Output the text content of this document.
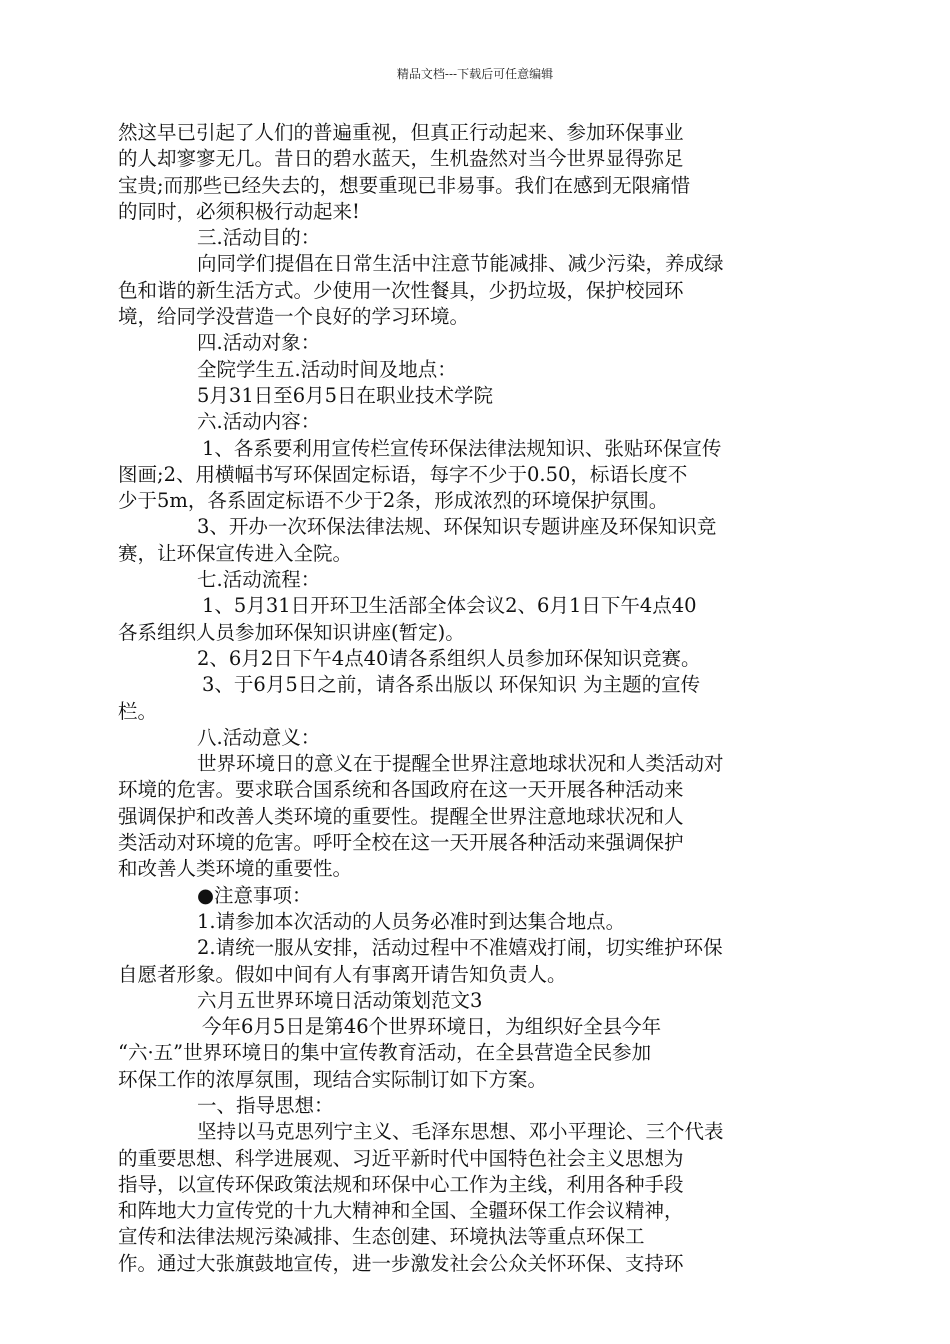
精品文档---下载后可任意编辑

然这早已引起了人们的普遍重视，但真正行动起来、参加环保事业

的人却寥寥无几。昔日的碧水蓝天，生机盎然对当今世界显得弥足

宝贵;而那些已经失去的，想要重现已非易事。我们在感到无限痛惜

的同时，必须积极行动起来!

三.活动目的：

向同学们提倡在日常生活中注意节能减排、减少污染，养成绿

色和谐的新生活方式。少使用一次性餐具，少扔垃圾，保护校园环

境，给同学没营造一个良好的学习环境。

四.活动对象：

全院学生五.活动时间及地点：

5月31日至6月5日在职业技术学院

六.活动内容：

1、各系要利用宣传栏宣传环保法律法规知识、张贴环保宣传

图画;2、用横幅书写环保固定标语，每字不少于0.50，标语长度不

少于5m，各系固定标语不少于2条，形成浓烈的环境保护氛围。

3、开办一次环保法律法规、环保知识专题讲座及环保知识竞

赛，让环保宣传进入全院。

七.活动流程：

1、5月31日开环卫生活部全体会议2、6月1日下午4点40

各系组织人员参加环保知识讲座(暂定)。

2、6月2日下午4点40请各系组织人员参加环保知识竞赛。

3、于6月5日之前，请各系出版以 环保知识 为主题的宣传

栏。

八.活动意义：

世界环境日的意义在于提醒全世界注意地球状况和人类活动对

环境的危害。要求联合国系统和各国政府在这一天开展各种活动来

强调保护和改善人类环境的重要性。提醒全世界注意地球状况和人

类活动对环境的危害。呼吁全校在这一天开展各种活动来强调保护

和改善人类环境的重要性。

●注意事项：

1.请参加本次活动的人员务必准时到达集合地点。

2.请统一服从安排，活动过程中不准嬉戏打闹，切实维护环保

自愿者形象。假如中间有人有事离开请告知负责人。

六月五世界环境日活动策划范文3

今年6月5日是第46个世界环境日，为组织好全县今年

“六·五”世界环境日的集中宣传教育活动，在全县营造全民参加

环保工作的浓厚氛围，现结合实际制订如下方案。

一、指导思想：

坚持以马克思列宁主义、毛泽东思想、邓小平理论、三个代表

的重要思想、科学进展观、习近平新时代中国特色社会主义思想为

指导，以宣传环保政策法规和环保中心工作为主线，利用各种手段

和阵地大力宣传党的十九大精神和全国、全疆环保工作会议精神，

宣传和法律法规污染减排、生态创建、环境执法等重点环保工

作。通过大张旗鼓地宣传，进一步激发社会公众关怀环保、支持环
